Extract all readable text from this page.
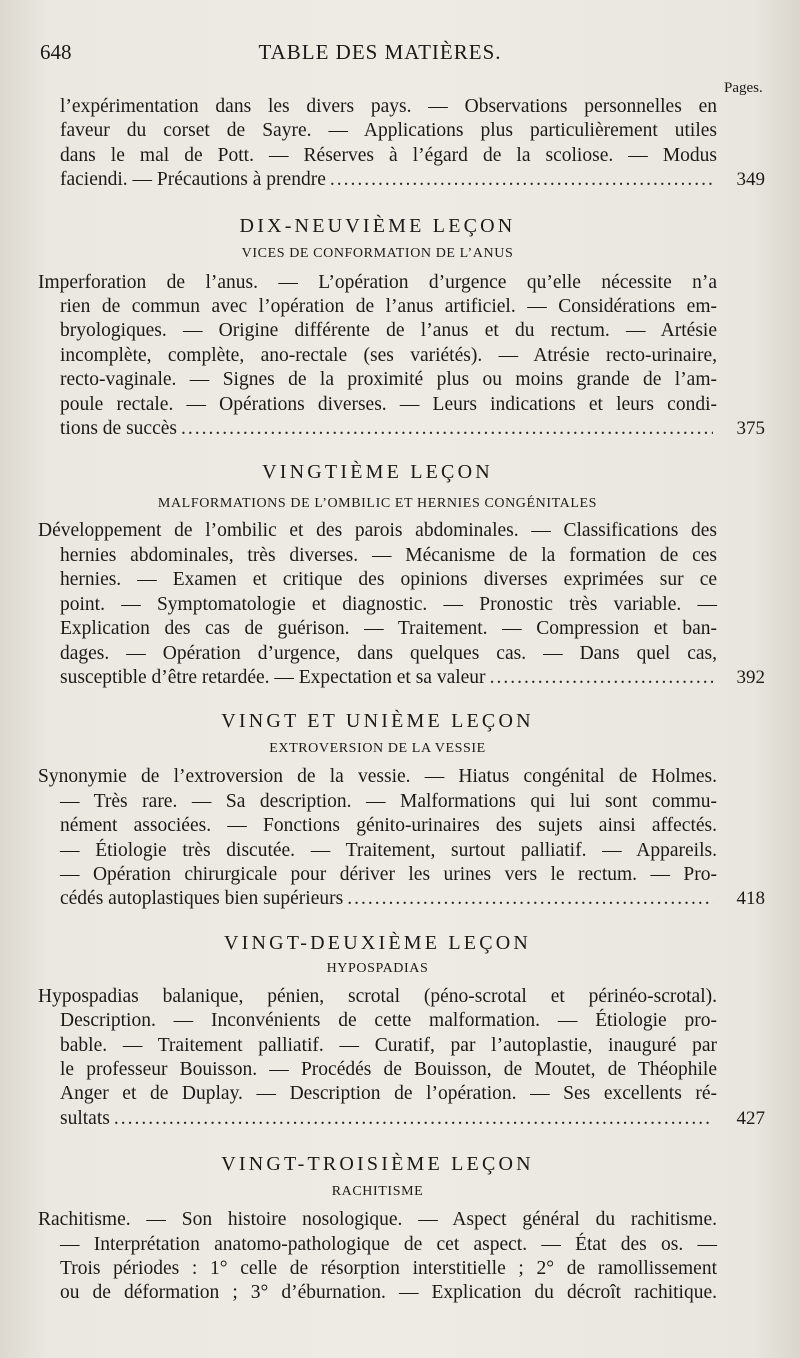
648	TABLE DES MATIÈRES.
Pages.

l’expérimentation dans les divers pays. — Observations personnelles en
faveur du corset de Sayre. — Applications plus particulièrement utiles
dans le mal de Pott. — Réserves à l’égard de la scoliose. — Modus
faciendi. — Précautions à prendre .....	349

DIX-NEUVIÈME LEÇON
VICES DE CONFORMATION DE L’ANUS

Imperforation de l’anus. — L’opération d’urgence qu’elle nécessite n’a
rien de commun avec l’opération de l’anus artificiel. — Considérations em-
bryologiques. — Origine différente de l’anus et du rectum. — Artésie
incomplète, complète, ano-rectale (ses variétés). — Atrésie recto-urinaire,
recto-vaginale. — Signes de la proximité plus ou moins grande de l’am-
poule rectale. — Opérations diverses. — Leurs indications et leurs condi-
tions de succès .....	375

VINGTIÈME LEÇON
MALFORMATIONS DE L’OMBILIC ET HERNIES CONGÉNITALES

Développement de l’ombilic et des parois abdominales. — Classifications des
hernies abdominales, très diverses. — Mécanisme de la formation de ces
hernies. — Examen et critique des opinions diverses exprimées sur ce
point. — Symptomatologie et diagnostic. — Pronostic très variable. —
Explication des cas de guérison. — Traitement. — Compression et ban-
dages. — Opération d’urgence, dans quelques cas. — Dans quel cas,
susceptible d’être retardée. — Expectation et sa valeur .....	392

VINGT ET UNIÈME LEÇON
EXTROVERSION DE LA VESSIE

Synonymie de l’extroversion de la vessie. — Hiatus congénital de Holmes.
— Très rare. — Sa description. — Malformations qui lui sont commu-
nément associées. — Fonctions génito-urinaires des sujets ainsi affectés.
— Étiologie très discutée. — Traitement, surtout palliatif. — Appareils.
— Opération chirurgicale pour dériver les urines vers le rectum. — Pro-
cédés autoplastiques bien supérieurs .....	418

VINGT-DEUXIÈME LEÇON
HYPOSPADIAS

Hypospadias balanique, pénien, scrotal (péno-scrotal et périnéo-scrotal).
Description. — Inconvénients de cette malformation. — Étiologie pro-
bable. — Traitement palliatif. — Curatif, par l’autoplastie, inauguré par
le professeur Bouisson. — Procédés de Bouisson, de Moutet, de Théophile
Anger et de Duplay. — Description de l’opération. — Ses excellents ré-
sultats .....	427

VINGT-TROISIÈME LEÇON
RACHITISME

Rachitisme. — Son histoire nosologique. — Aspect général du rachitisme.
— Interprétation anatomo-pathologique de cet aspect. — État des os. —
Trois périodes : 1° celle de résorption interstitielle ; 2° de ramollissement
ou de déformation ; 3° d’éburnation. — Explication du décroît rachitique.
